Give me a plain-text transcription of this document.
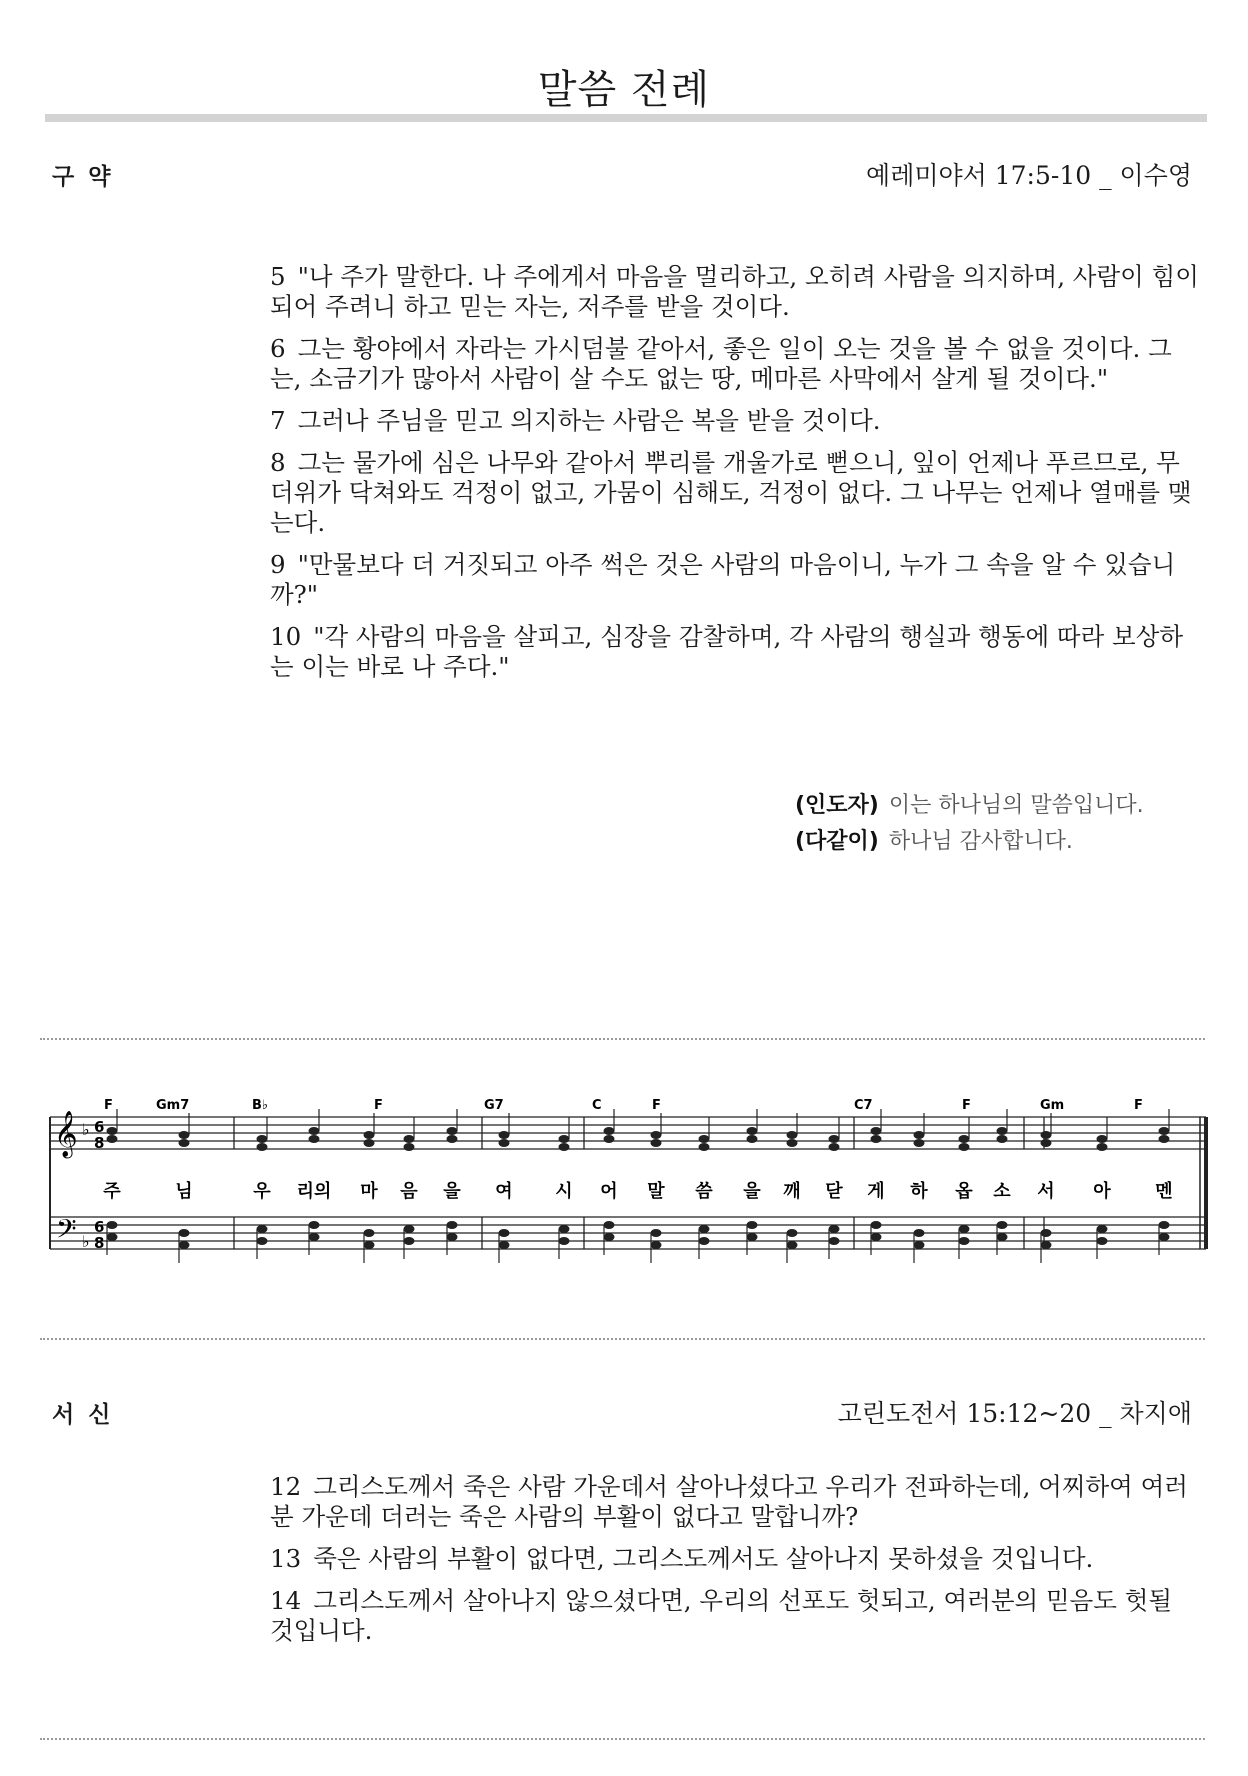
말씀 전례
구 약	예레미야서 17:5-10 _ 이수영

5 "나 주가 말한다. 나 주에게서 마음을 멀리하고, 오히려 사람을 의지하며, 사람이 힘이 되어 주려니 하고 믿는 자는, 저주를 받을 것이다.

6 그는 황야에서 자라는 가시덤불 같아서, 좋은 일이 오는 것을 볼 수 없을 것이다. 그는, 소금기가 많아서 사람이 살 수도 없는 땅, 메마른 사막에서 살게 될 것이다."

7 그러나 주님을 믿고 의지하는 사람은 복을 받을 것이다.

8 그는 물가에 심은 나무와 같아서 뿌리를 개울가로 뻗으니, 잎이 언제나 푸르므로, 무더위가 닥쳐와도 걱정이 없고, 가뭄이 심해도, 걱정이 없다. 그 나무는 언제나 열매를 맺는다.

9 "만물보다 더 거짓되고 아주 썩은 것은 사람의 마음이니, 누가 그 속을 알 수 있습니까?"

10 "각 사람의 마음을 살피고, 심장을 감찰하며, 각 사람의 행실과 행동에 따라 보상하는 이는 바로 나 주다."

(인도자) 이는 하나님의 말씀입니다.
(다같이) 하나님 감사합니다.
𝄞
𝄢
♭
♭
6
8
6
8
F	Gm7	B♭	F	G7	C	F	C7	F	Gm	F
주	님	우 리의 마 음 을 여 시 어 말 씀 을 깨 닫 게 하 옵 소 서 아 멘
서 신	고린도전서 15:12~20 _ 차지애

12 그리스도께서 죽은 사람 가운데서 살아나셨다고 우리가 전파하는데, 어찌하여 여러분 가운데 더러는 죽은 사람의 부활이 없다고 말합니까?

13 죽은 사람의 부활이 없다면, 그리스도께서도 살아나지 못하셨을 것입니다.

14 그리스도께서 살아나지 않으셨다면, 우리의 선포도 헛되고, 여러분의 믿음도 헛될 것입니다.
